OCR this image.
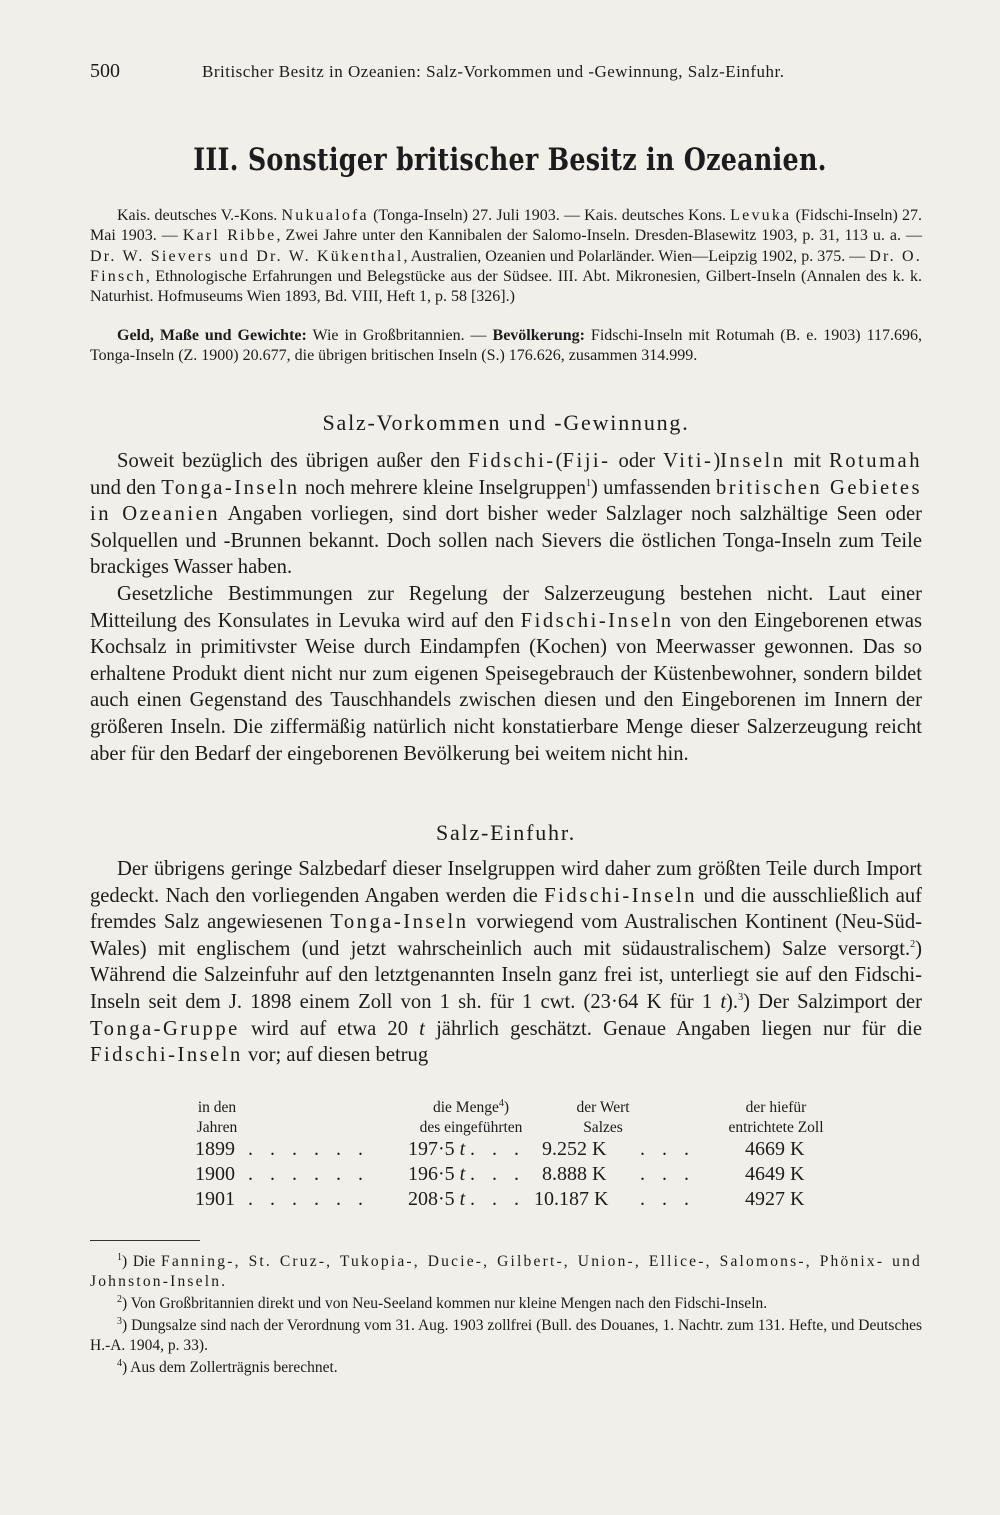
500	Britischer Besitz in Ozeanien: Salz-Vorkommen und -Gewinnung, Salz-Einfuhr.
III. Sonstiger britischer Besitz in Ozeanien.
Kais. deutsches V.-Kons. Nukualofa (Tonga-Inseln) 27. Juli 1903. — Kais. deutsches Kons. Levuka (Fidschi-Inseln) 27. Mai 1903. — Karl Ribbe, Zwei Jahre unter den Kannibalen der Salomo-Inseln. Dresden-Blasewitz 1903, p. 31, 113 u. a. — Dr. W. Sievers und Dr. W. Kükenthal, Australien, Ozeanien und Polarländer. Wien—Leipzig 1902, p. 375. — Dr. O. Finsch, Ethnologische Erfahrungen und Belegstücke aus der Südsee. III. Abt. Mikronesien, Gilbert-Inseln (Annalen des k. k. Naturhist. Hofmuseums Wien 1893, Bd. VIII, Heft 1, p. 58 [326].)
Geld, Maße und Gewichte: Wie in Großbritannien. — Bevölkerung: Fidschi-Inseln mit Rotumah (B. e. 1903) 117.696, Tonga-Inseln (Z. 1900) 20.677, die übrigen britischen Inseln (S.) 176.626, zusammen 314.999.
Salz-Vorkommen und -Gewinnung.

Soweit bezüglich des übrigen außer den Fidschi-(Fiji- oder Viti-)Inseln mit Rotumah und den Tonga-Inseln noch mehrere kleine Inselgruppen$^1$) umfassenden britischen Gebietes in Ozeanien Angaben vorliegen, sind dort bisher weder Salzlager noch salzhältige Seen oder Solquellen und -Brunnen bekannt. Doch sollen nach Sievers die östlichen Tonga-Inseln zum Teile brackiges Wasser haben.

Gesetzliche Bestimmungen zur Regelung der Salzerzeugung bestehen nicht. Laut einer Mitteilung des Konsulates in Levuka wird auf den Fidschi-Inseln von den Eingeborenen etwas Kochsalz in primitivster Weise durch Eindampfen (Kochen) von Meerwasser gewonnen. Das so erhaltene Produkt dient nicht nur zum eigenen Speisegebrauch der Küstenbewohner, sondern bildet auch einen Gegenstand des Tauschhandels zwischen diesen und den Eingeborenen im Innern der größeren Inseln. Die ziffermäßig natürlich nicht konstatierbare Menge dieser Salzerzeugung reicht aber für den Bedarf der eingeborenen Bevölkerung bei weitem nicht hin.

Salz-Einfuhr.

Der übrigens geringe Salzbedarf dieser Inselgruppen wird daher zum größten Teile durch Import gedeckt. Nach den vorliegenden Angaben werden die Fidschi-Inseln und die ausschließlich auf fremdes Salz angewiesenen Tonga-Inseln vorwiegend vom Australischen Kontinent (Neu-Süd-Wales) mit englischem (und jetzt wahrscheinlich auch mit südaustralischem) Salze versorgt.$^2$) Während die Salzeinfuhr auf den letztgenannten Inseln ganz frei ist, unterliegt sie auf den Fidschi-Inseln seit dem J. 1898 einem Zoll von 1 sh. für 1 cwt. (23·64 K für 1 t).$^3$) Der Salzimport der Tonga-Gruppe wird auf etwa 20 t jährlich geschätzt. Genaue Angaben liegen nur für die Fidschi-Inseln vor; auf diesen betrug

in den
Jahren
die Menge$^4$)
des eingeführten
der Wert
Salzes
der hiefür
entrichtete Zoll
1899 . . . . . . 197·5 t . . . 9.252 K . . .	4669 K
1900 . . . . . . 196·5 t . . . 8.888 K . . .	4649 K
1901 . . . . . . 208·5 t . . . 10.187 K . . .	4927 K

$^1$) Die Fanning-, St. Cruz-, Tukopia-, Ducie-, Gilbert-, Union-, Ellice-, Salomons-, Phönix- und Johnston-Inseln.

$^2$) Von Großbritannien direkt und von Neu-Seeland kommen nur kleine Mengen nach den Fidschi-Inseln.

$^3$) Dungsalze sind nach der Verordnung vom 31. Aug. 1903 zollfrei (Bull. des Douanes, 1. Nachtr. zum 131. Hefte, und Deutsches H.-A. 1904, p. 33).

$^4$) Aus dem Zollerträgnis berechnet.
